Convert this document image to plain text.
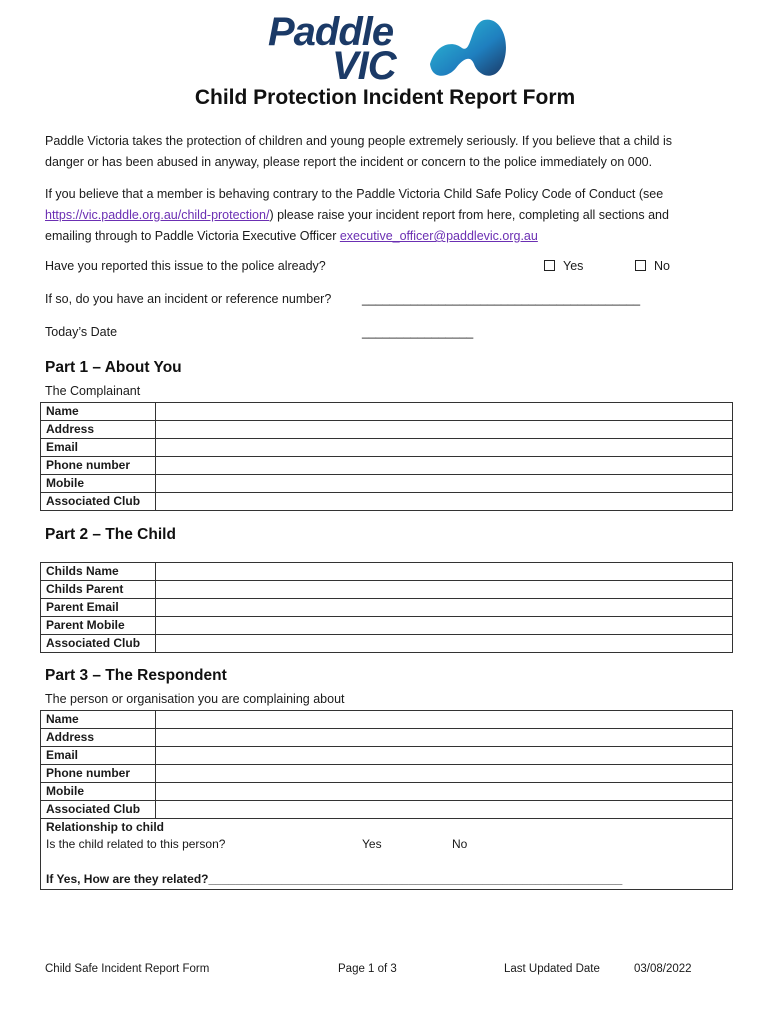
Paddle
VIC
Child Protection Incident Report Form

Paddle Victoria takes the protection of children and young people extremely seriously. If you believe that a child is
danger or has been abused in anyway, please report the incident or concern to the police immediately on 000.

If you believe that a member is behaving contrary to the Paddle Victoria Child Safe Policy Code of Conduct (see
https://vic.paddle.org.au/child-protection/) please raise your incident report from here, completing all sections and
emailing through to Paddle Victoria Executive Officer executive_officer@paddlevic.org.au

Have you reported this issue to the police already?	Yes	No
If so, do you have an incident or reference number? ________________________________________
Today’s Date	________________
Part 1 – About You
The Complainant
Name	
Address	
Email	
Phone number	
Mobile	
Associated Club	
Part 2 – The Child
Childs Name	
Childs Parent	
Parent Email	
Parent Mobile	
Associated Club	
Part 3 – The Respondent
The person or organisation you are complaining about
Name	
Address	
Email	
Phone number	
Mobile	
Associated Club	
Relationship to child
Is the child related to this person?	Yes	No
If Yes, How are they related?______________________________________________________________
Child Safe Incident Report Form	Page 1 of 3	Last Updated Date	03/08/2022
